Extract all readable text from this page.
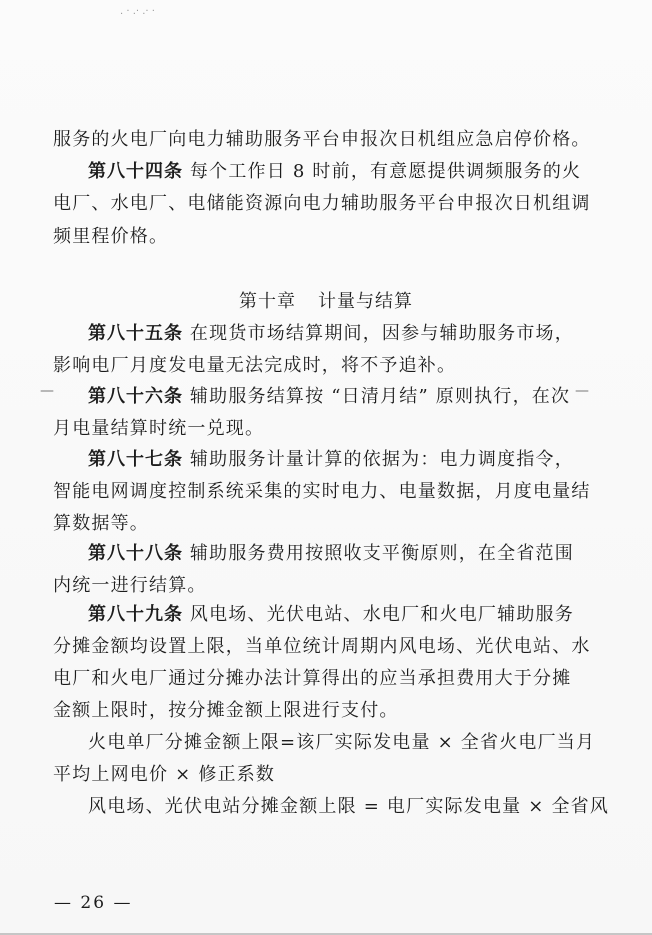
. · .· .· ·
服务的火电厂向电力辅助服务平台申报次日机组应急启停价格。
第八十四条 每个工作日 8 时前，有意愿提供调频服务的火
电厂、水电厂、电储能资源向电力辅助服务平台申报次日机组调
频里程价格。
第十章 计量与结算
第八十五条 在现货市场结算期间，因参与辅助服务市场，
影响电厂月度发电量无法完成时，将不予追补。
— 第八十六条 辅助服务结算按 “日清月结” 原则执行，在次 —
月电量结算时统一兑现。
第八十七条 辅助服务计量计算的依据为：电力调度指令，
智能电网调度控制系统采集的实时电力、电量数据，月度电量结
算数据等。
第八十八条 辅助服务费用按照收支平衡原则，在全省范围
内统一进行结算。
第八十九条 风电场、光伏电站、水电厂和火电厂辅助服务
分摊金额均设置上限，当单位统计周期内风电场、光伏电站、水
电厂和火电厂通过分摊办法计算得出的应当承担费用大于分摊
金额上限时，按分摊金额上限进行支付。
火电单厂分摊金额上限=该厂实际发电量 × 全省火电厂当月
平均上网电价 × 修正系数
风电场、光伏电站分摊金额上限 = 电厂实际发电量 × 全省风
— 26 —
